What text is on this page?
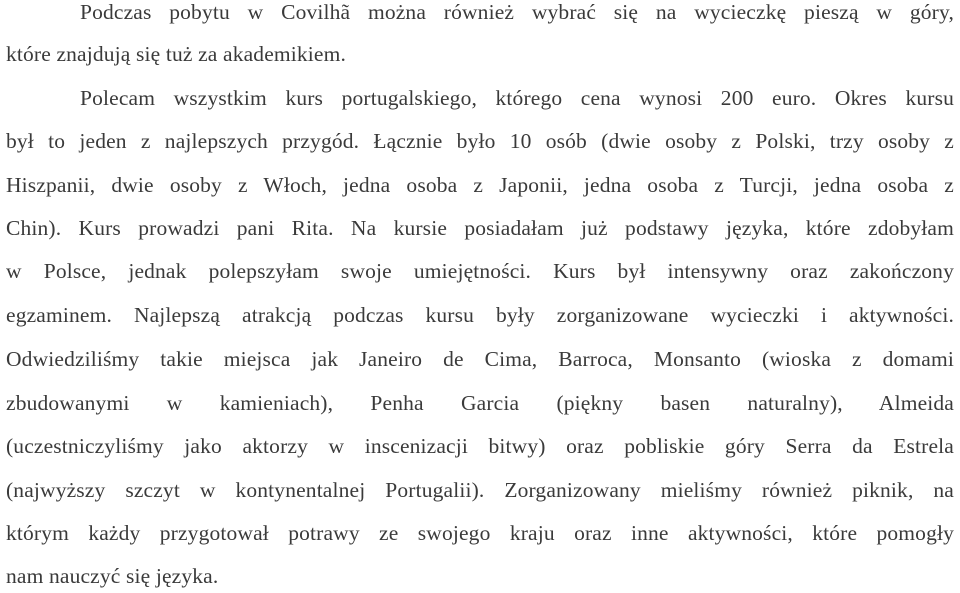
Podczas pobytu w Covilhã można również wybrać się na wycieczkę pieszą w góry,
które znajdują się tuż za akademikiem.
Polecam wszystkim kurs portugalskiego, którego cena wynosi 200 euro. Okres kursu
był to jeden z najlepszych przygód. Łącznie było 10 osób (dwie osoby z Polski, trzy osoby z
Hiszpanii, dwie osoby z Włoch, jedna osoba z Japonii, jedna osoba z Turcji, jedna osoba z
Chin). Kurs prowadzi pani Rita. Na kursie posiadałam już podstawy języka, które zdobyłam
w Polsce, jednak polepszyłam swoje umiejętności. Kurs był intensywny oraz zakończony
egzaminem. Najlepszą atrakcją podczas kursu były zorganizowane wycieczki i aktywności.
Odwiedziliśmy takie miejsca jak Janeiro de Cima, Barroca, Monsanto (wioska z domami
zbudowanymi w kamieniach), Penha Garcia (piękny basen naturalny), Almeida
(uczestniczyliśmy jako aktorzy w inscenizacji bitwy) oraz pobliskie góry Serra da Estrela
(najwyższy szczyt w kontynentalnej Portugalii). Zorganizowany mieliśmy również piknik, na
którym każdy przygotował potrawy ze swojego kraju oraz inne aktywności, które pomogły
nam nauczyć się języka.
